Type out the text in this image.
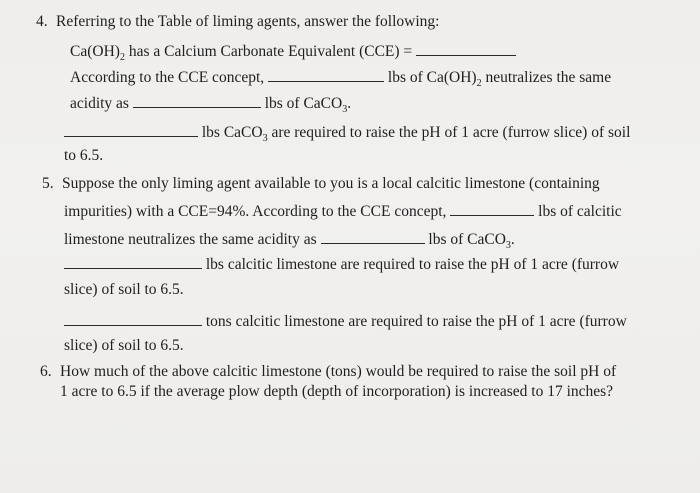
4. Referring to the Table of liming agents, answer the following:
$Ca(OH)_2$ has a Calcium Carbonate Equivalent (CCE) =
According to the CCE concept,	lbs of $Ca(OH)_2$ neutralizes the same
acidity as	lbs of CaCO$_3$.
lbs CaCO$_3$ are required to raise the pH of 1 acre (furrow slice) of soil
to 6.5.
5. Suppose the only liming agent available to you is a local calcitic limestone (containing
impurities) with a CCE=94%. According to the CCE concept,	lbs of calcitic
limestone neutralizes the same acidity as	lbs of CaCO$_3$.
lbs calcitic limestone are required to raise the pH of 1 acre (furrow
slice) of soil to 6.5.
tons calcitic limestone are required to raise the pH of 1 acre (furrow
slice) of soil to 6.5.
6. How much of the above calcitic limestone (tons) would be required to raise the soil pH of
1 acre to 6.5 if the average plow depth (depth of incorporation) is increased to 17 inches?
